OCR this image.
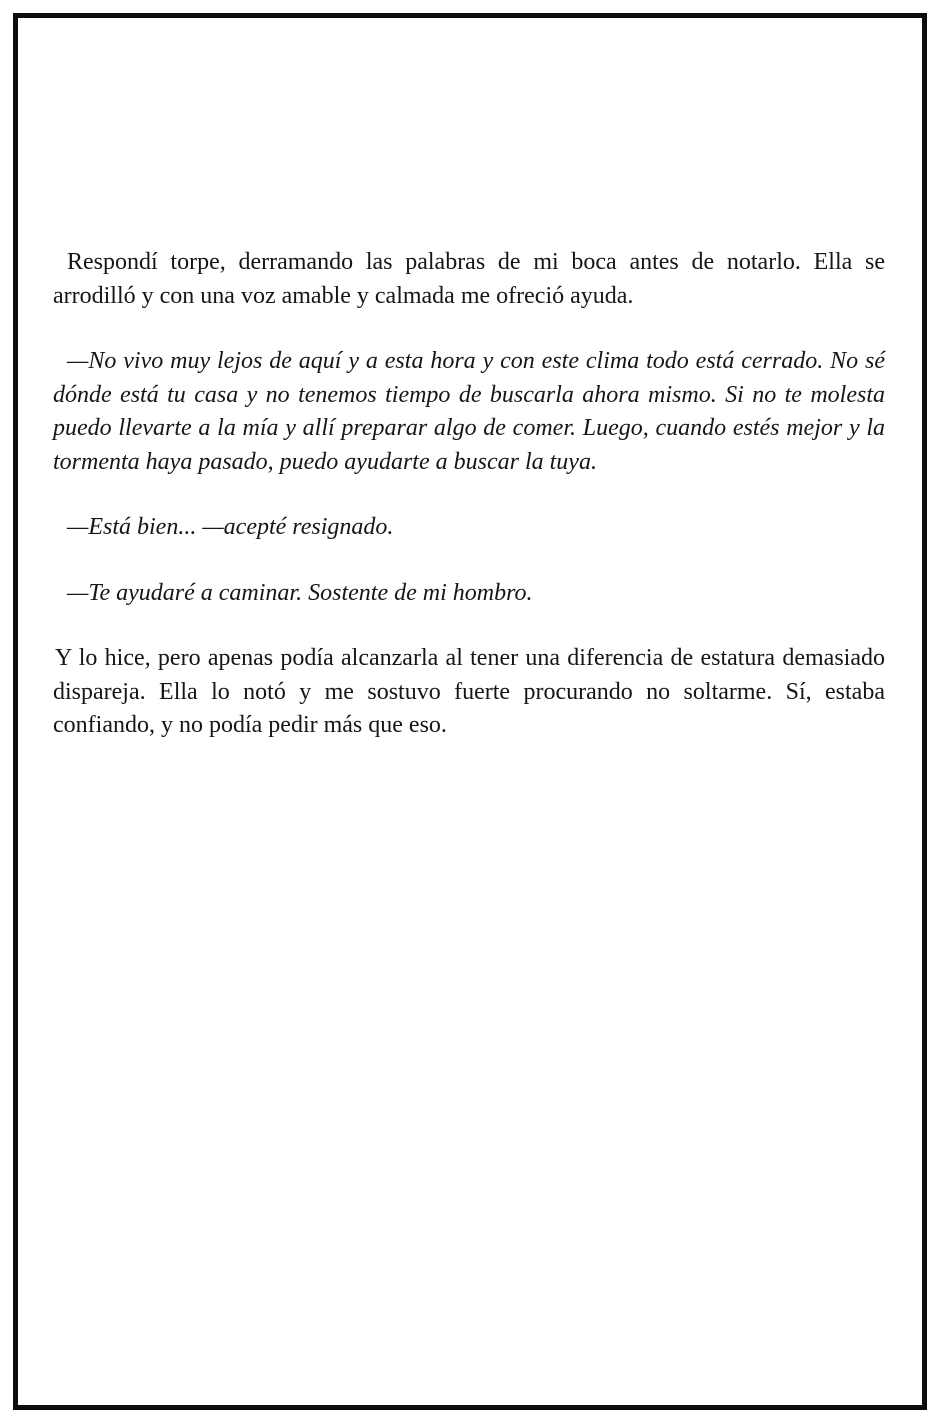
Respondí torpe, derramando las palabras de mi boca antes de notarlo. Ella se arrodilló y con una voz amable y calmada me ofreció ayuda.

—No vivo muy lejos de aquí y a esta hora y con este clima todo está cerrado. No sé dónde está tu casa y no tenemos tiempo de buscarla ahora mismo. Si no te molesta puedo llevarte a la mía y allí preparar algo de comer. Luego, cuando estés mejor y la tormenta haya pasado, puedo ayudarte a buscar la tuya.

—Está bien... —acepté resignado.

—Te ayudaré a caminar. Sostente de mi hombro.

Y lo hice, pero apenas podía alcanzarla al tener una diferencia de estatura demasiado dispareja. Ella lo notó y me sostuvo fuerte procurando no soltarme. Sí, estaba confiando, y no podía pedir más que eso.
